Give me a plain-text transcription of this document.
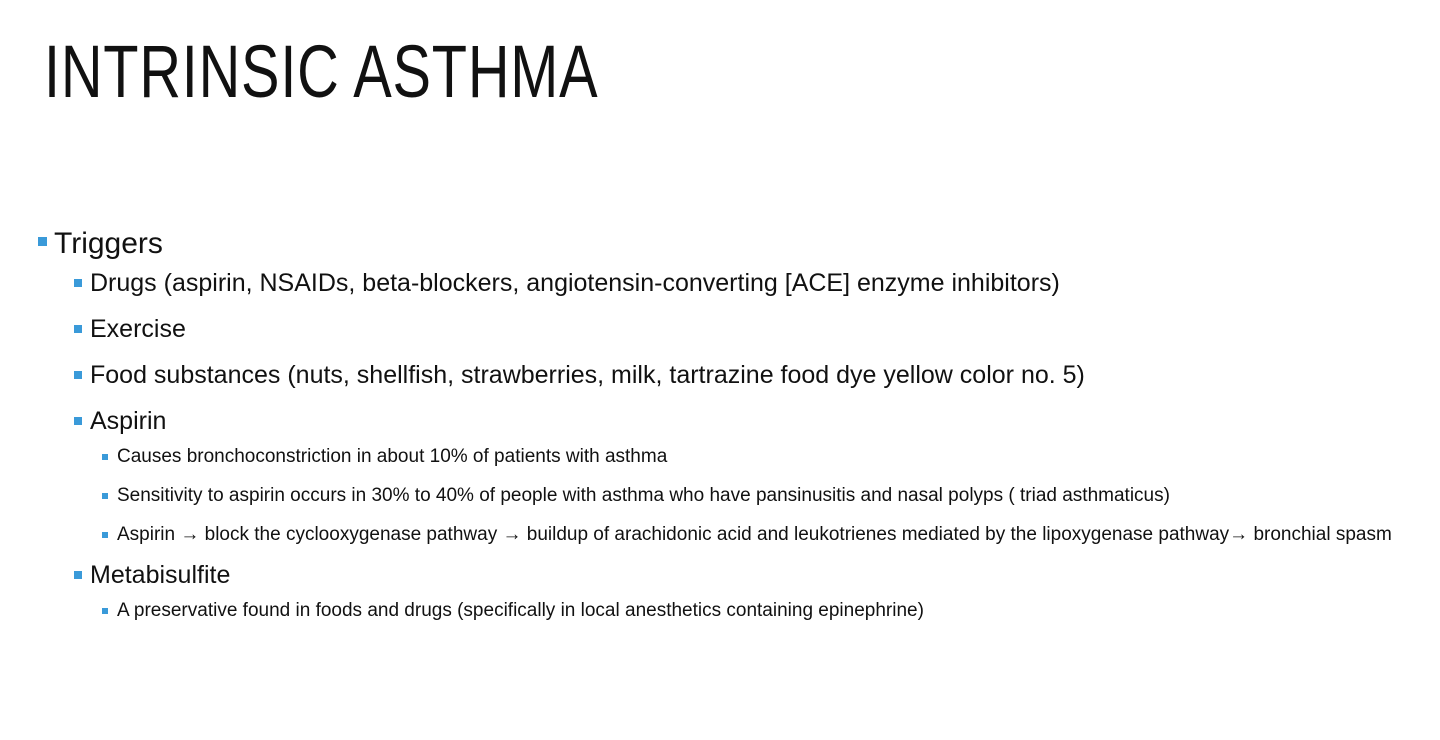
INTRINSIC ASTHMA
Triggers
Drugs (aspirin, NSAIDs, beta-blockers, angiotensin-converting [ACE] enzyme inhibitors)
Exercise
Food substances (nuts, shellfish, strawberries, milk, tartrazine food dye yellow color no. 5)
Aspirin
Causes bronchoconstriction in about 10% of patients with asthma
Sensitivity to aspirin occurs in 30% to 40% of people with asthma who have pansinusitis and nasal polyps ( triad asthmaticus)
Aspirin → block the cyclooxygenase pathway → buildup of arachidonic acid and leukotrienes mediated by the lipoxygenase pathway→ bronchial spasm
Metabisulfite
A preservative found in foods and drugs (specifically in local anesthetics containing epinephrine)
